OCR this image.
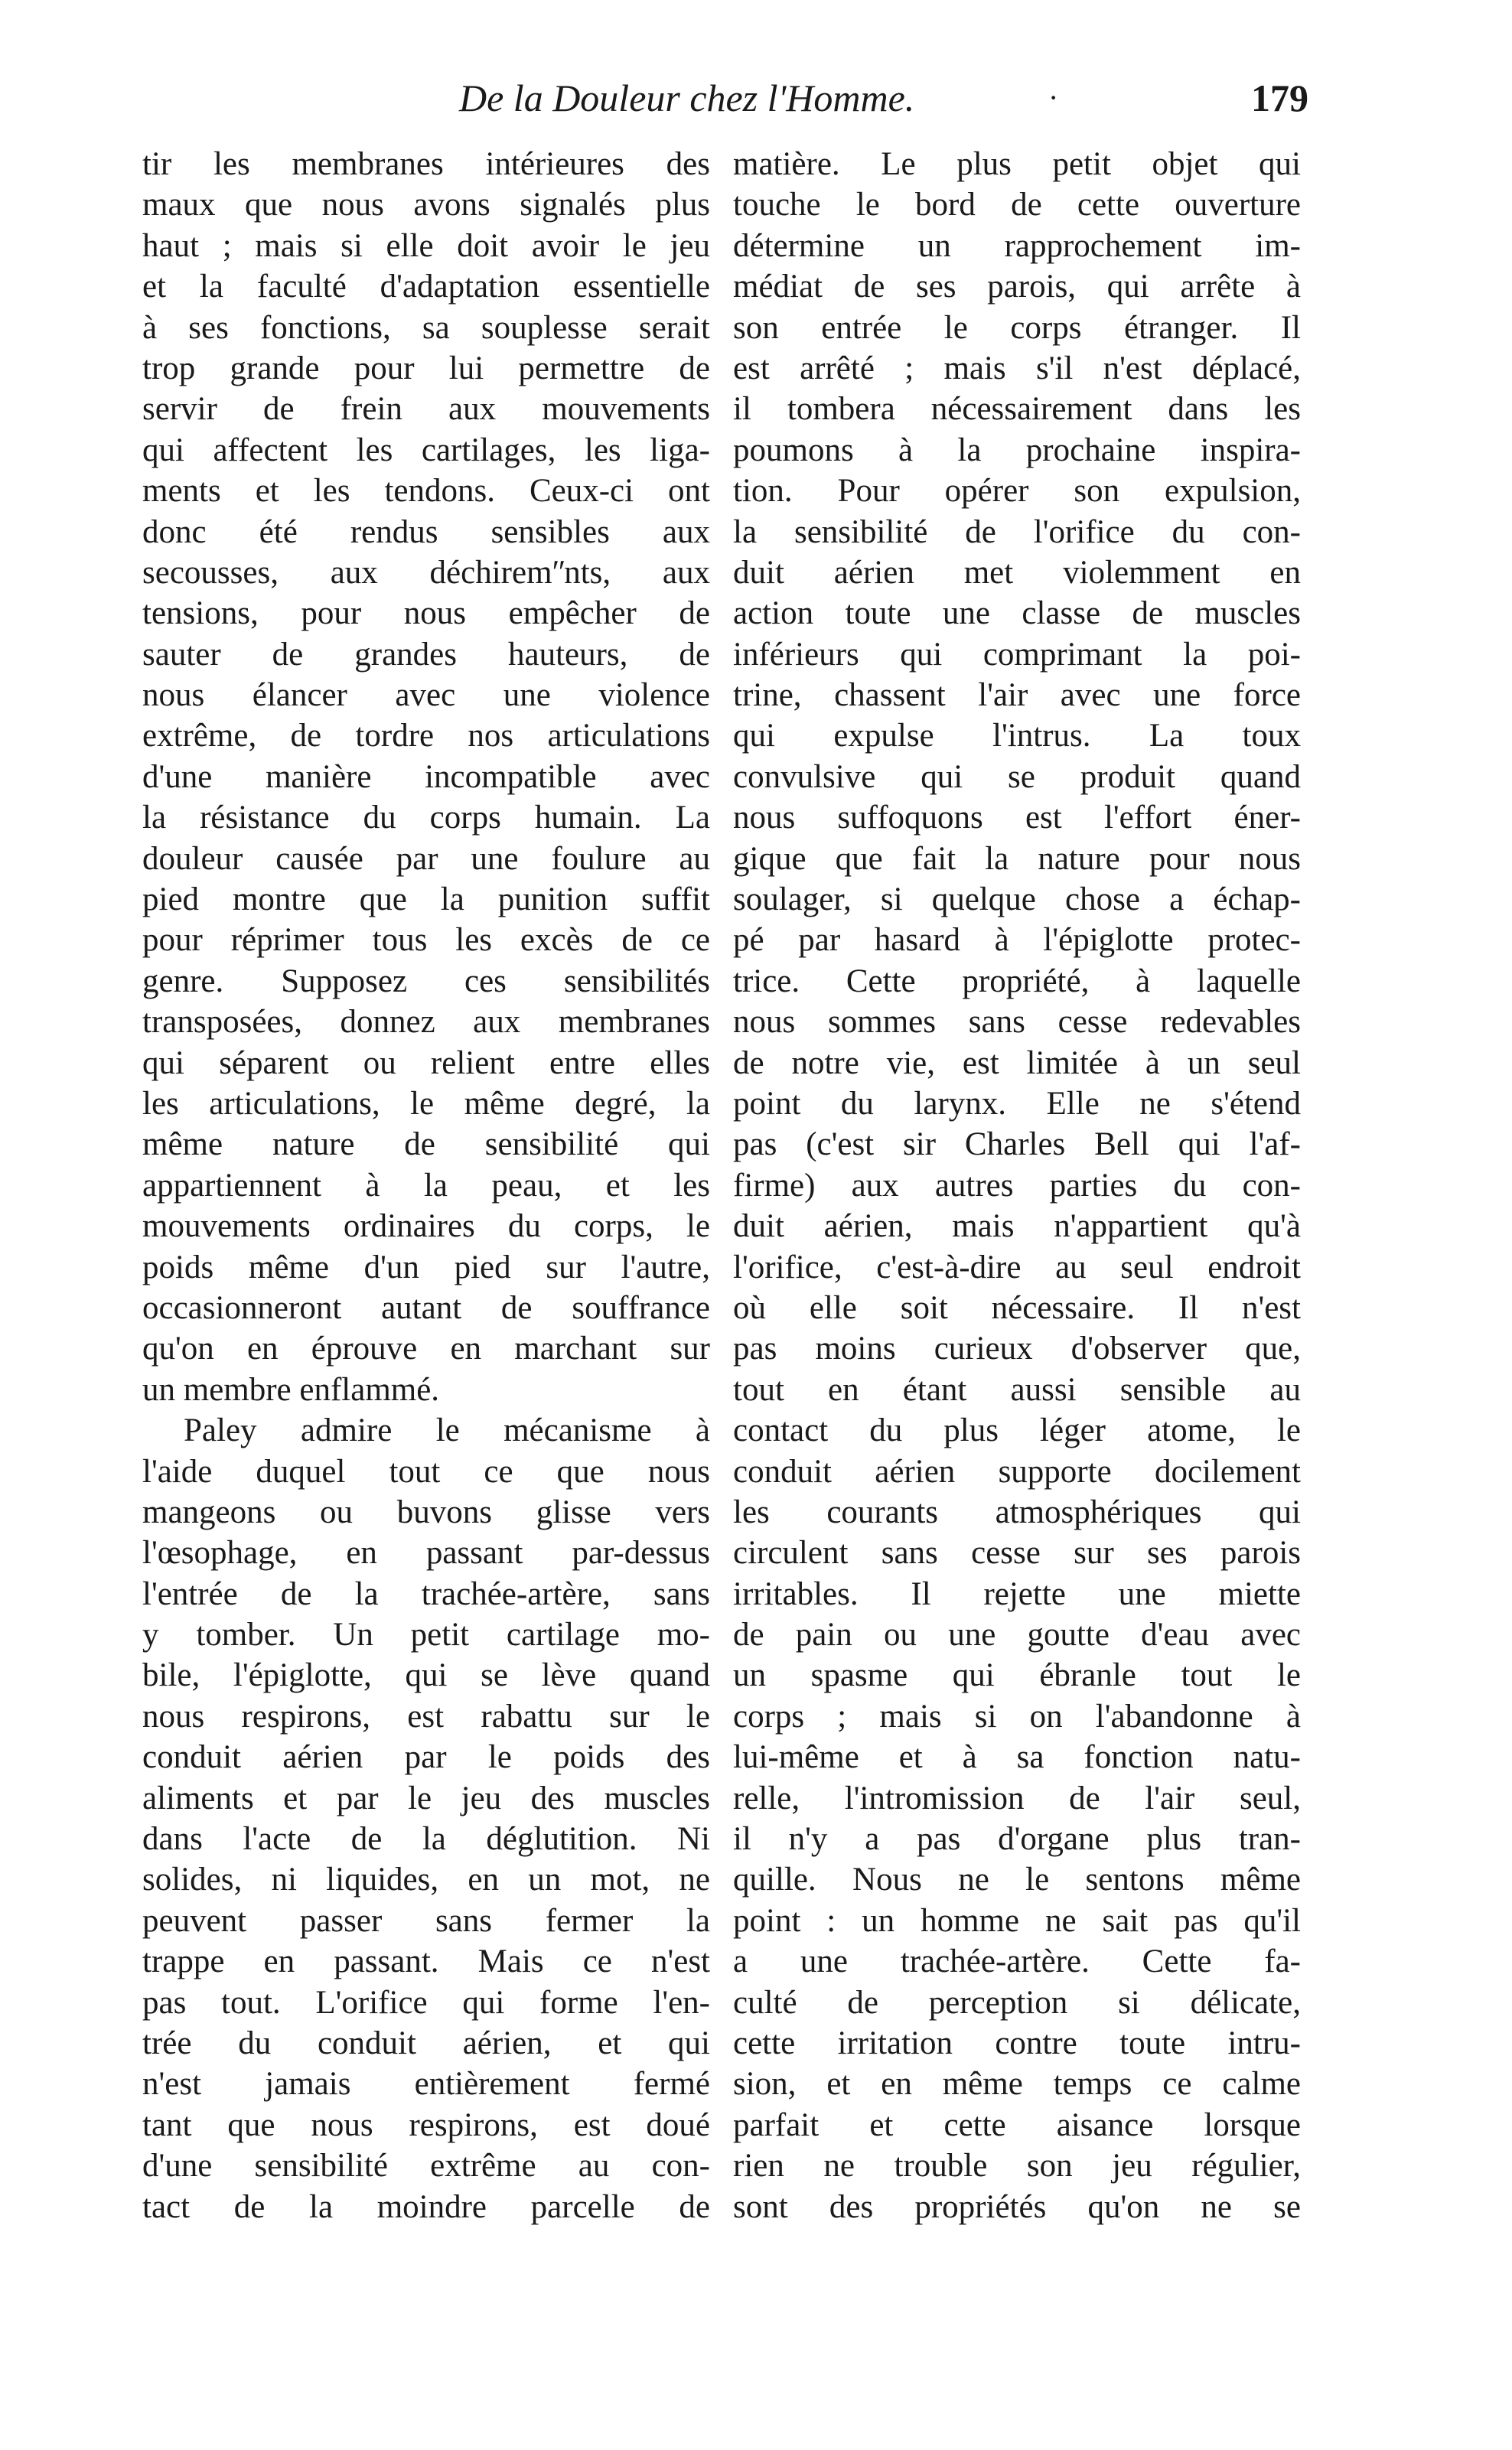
De la Douleur chez l'Homme.	·	179
tir les membranes intérieures des
maux que nous avons signalés plus
haut ; mais si elle doit avoir le jeu
et la faculté d'adaptation essentielle
à ses fonctions, sa souplesse serait
trop grande pour lui permettre de
servir de frein aux mouvements
qui affectent les cartilages, les liga-
ments et les tendons. Ceux-ci ont
donc été rendus sensibles aux
secousses, aux déchiremʺnts, aux
tensions, pour nous empêcher de
sauter de grandes hauteurs, de
nous élancer avec une violence
extrême, de tordre nos articulations
d'une manière incompatible avec
la résistance du corps humain. La
douleur causée par une foulure au
pied montre que la punition suffit
pour réprimer tous les excès de ce
genre. Supposez ces sensibilités
transposées, donnez aux membranes
qui séparent ou relient entre elles
les articulations, le même degré, la
même nature de sensibilité qui
appartiennent à la peau, et les
mouvements ordinaires du corps, le
poids même d'un pied sur l'autre,
occasionneront autant de souffrance
qu'on en éprouve en marchant sur
un membre enflammé.
Paley admire le mécanisme à
l'aide duquel tout ce que nous
mangeons ou buvons glisse vers
l'œsophage, en passant par-dessus
l'entrée de la trachée-artère, sans
y tomber. Un petit cartilage mo-
bile, l'épiglotte, qui se lève quand
nous respirons, est rabattu sur le
conduit aérien par le poids des
aliments et par le jeu des muscles
dans l'acte de la déglutition. Ni
solides, ni liquides, en un mot, ne
peuvent passer sans fermer la
trappe en passant. Mais ce n'est
pas tout. L'orifice qui forme l'en-
trée du conduit aérien, et qui
n'est jamais entièrement fermé
tant que nous respirons, est doué
d'une sensibilité extrême au con-
tact de la moindre parcelle de
matière. Le plus petit objet qui
touche le bord de cette ouverture
détermine un rapprochement im-
médiat de ses parois, qui arrête à
son entrée le corps étranger. Il
est arrêté ; mais s'il n'est déplacé,
il tombera nécessairement dans les
poumons à la prochaine inspira-
tion. Pour opérer son expulsion,
la sensibilité de l'orifice du con-
duit aérien met violemment en
action toute une classe de muscles
inférieurs qui comprimant la poi-
trine, chassent l'air avec une force
qui expulse l'intrus. La toux
convulsive qui se produit quand
nous suffoquons est l'effort éner-
gique que fait la nature pour nous
soulager, si quelque chose a échap-
pé par hasard à l'épiglotte protec-
trice. Cette propriété, à laquelle
nous sommes sans cesse redevables
de notre vie, est limitée à un seul
point du larynx. Elle ne s'étend
pas (c'est sir Charles Bell qui l'af-
firme) aux autres parties du con-
duit aérien, mais n'appartient qu'à
l'orifice, c'est-à-dire au seul endroit
où elle soit nécessaire. Il n'est
pas moins curieux d'observer que,
tout en étant aussi sensible au
contact du plus léger atome, le
conduit aérien supporte docilement
les courants atmosphériques qui
circulent sans cesse sur ses parois
irritables. Il rejette une miette
de pain ou une goutte d'eau avec
un spasme qui ébranle tout le
corps ; mais si on l'abandonne à
lui-même et à sa fonction natu-
relle, l'intromission de l'air seul,
il n'y a pas d'organe plus tran-
quille. Nous ne le sentons même
point : un homme ne sait pas qu'il
a une trachée-artère. Cette fa-
culté de perception si délicate,
cette irritation contre toute intru-
sion, et en même temps ce calme
parfait et cette aisance lorsque
rien ne trouble son jeu régulier,
sont des propriétés qu'on ne se
